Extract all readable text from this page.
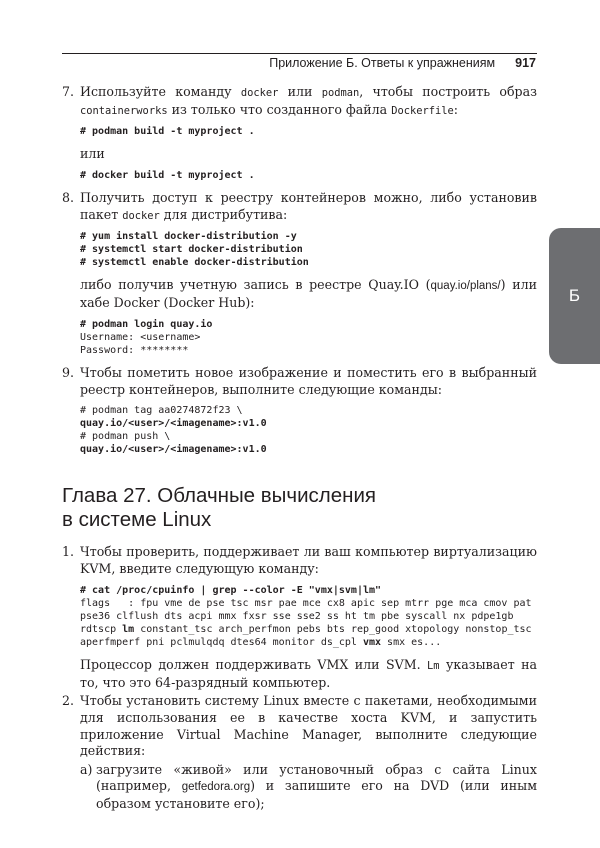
Приложение Б. Ответы к упражнениям 917
Б
7. Используйте команду docker или podman, чтобы построить образ containerworks из только что созданного файла Dockerfile:

# podman build -t myproject .

или

# docker build -t myproject .
8. Получить доступ к реестру контейнеров можно, либо установив пакет docker для дистрибутива:

# yum install docker-distribution -y
# systemctl start docker-distribution
# systemctl enable docker-distribution

либо получив учетную запись в реестре Quay.IO (quay.io/plans/) или хабе Docker (Docker Hub):

# podman login quay.io
Username: <username>
Password: ********
9. Чтобы пометить новое изображение и поместить его в выбранный реестр контейнеров, выполните следующие команды:

# podman tag aa0274872f23 \
quay.io/<user>/<imagename>:v1.0
# podman push \
quay.io/<user>/<imagename>:v1.0
Глава 27. Облачные вычисления
в системе Linux
1. Чтобы проверить, поддерживает ли ваш компьютер виртуализацию KVM, введите следующую команду:

# cat /proc/cpuinfo | grep --color -E "vmx|svm|lm"
flags   : fpu vme de pse tsc msr pae mce cx8 apic sep mtrr pge mca cmov pat
pse36 clflush dts acpi mmx fxsr sse sse2 ss ht tm pbe syscall nx pdpe1gb
rdtscp lm constant_tsc arch_perfmon pebs bts rep_good xtopology nonstop_tsc
aperfmperf pni pclmulqdq dtes64 monitor ds_cpl vmx smx es...

Процессор должен поддерживать VMX или SVM. Lm указывает на то, что это 64-разрядный компьютер.

2. Чтобы установить систему Linux вместе с пакетами, необходимыми для использования ее в качестве хоста KVM, и запустить приложение Virtual Machine Manager, выполните следующие действия:

а) загрузите «живой» или установочный образ с сайта Linux (например, getfedora.org) и запишите его на DVD (или иным образом установите его);
